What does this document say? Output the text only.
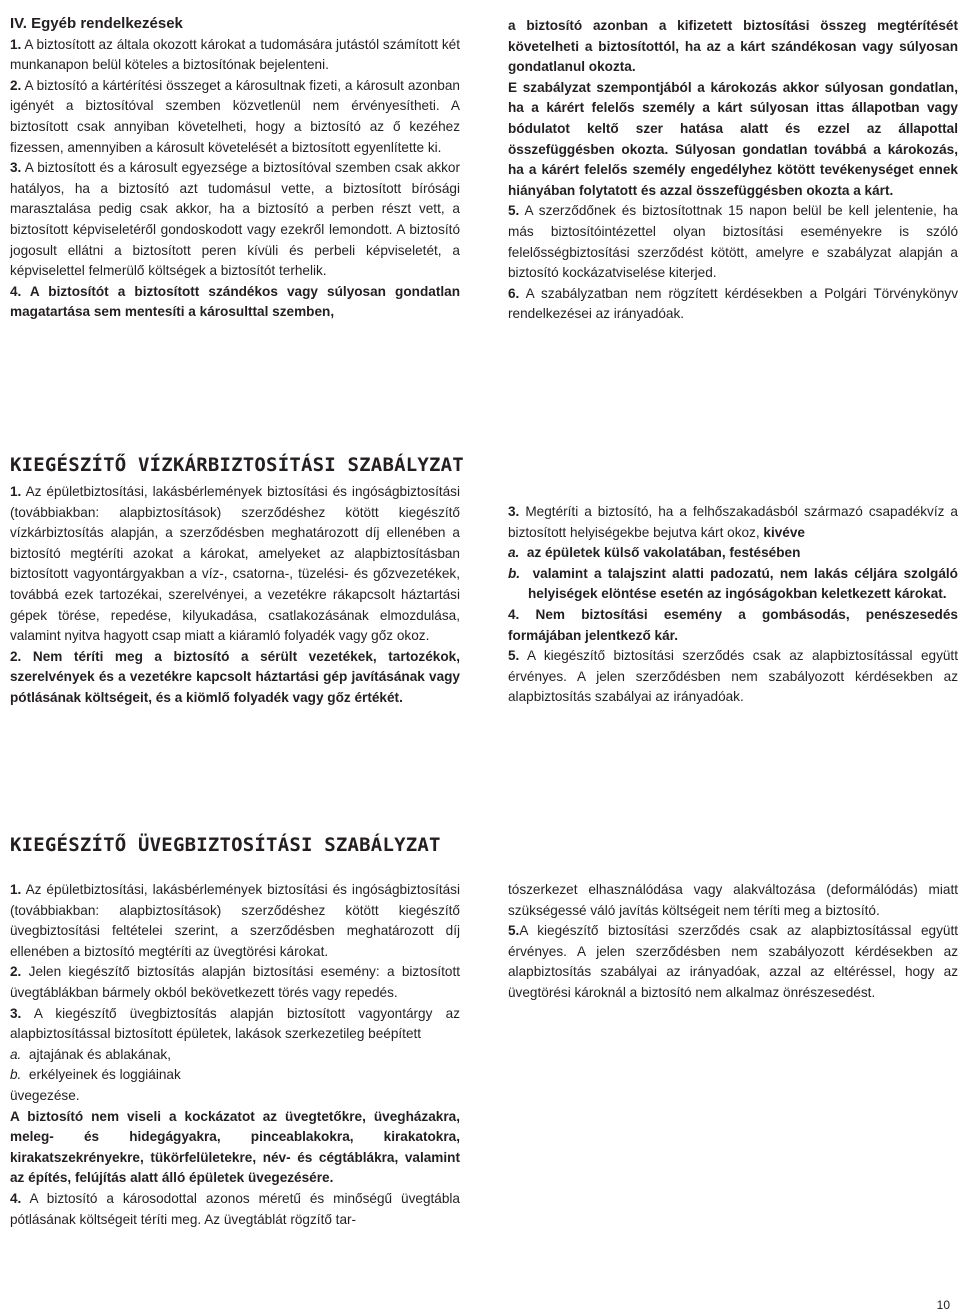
IV. Egyéb rendelkezések

1. A biztosított az általa okozott károkat a tudomására jutástól számított két munkanapon belül köteles a biztosítónak bejelenteni.

2. A biztosító a kártérítési összeget a károsultnak fizeti, a károsult azonban igényét a biztosítóval szemben közvetlenül nem érvényesítheti. A biztosított csak annyiban követelheti, hogy a biztosító az ő kezéhez fizessen, amennyiben a károsult követelését a biztosított egyenlítette ki.

3. A biztosított és a károsult egyezsége a biztosítóval szemben csak akkor hatályos, ha a biztosító azt tudomásul vette, a biztosított bírósági marasztalása pedig csak akkor, ha a biztosító a perben részt vett, a biztosított képviseletéről gondoskodott vagy ezekről lemondott. A biztosító jogosult ellátni a biztosított peren kívüli és perbeli képviseletét, a képviselettel felmerülő költségek a biztosítót terhelik.

4. A biztosítót a biztosított szándékos vagy súlyosan gondatlan magatartása sem mentesíti a károsulttal szemben,

a biztosító azonban a kifizetett biztosítási összeg megtérítését követelheti a biztosítottól, ha az a kárt szándékosan vagy súlyosan gondatlanul okozta.

E szabályzat szempontjából a károkozás akkor súlyosan gondatlan, ha a kárért felelős személy a kárt súlyosan ittas állapotban vagy bódulatot keltő szer hatása alatt és ezzel az állapottal összefüggésben okozta. Súlyosan gondatlan továbbá a károkozás, ha a kárért felelős személy engedélyhez kötött tevékenységet ennek hiányában folytatott és azzal összefüggésben okozta a kárt.

5. A szerződőnek és biztosítottnak 15 napon belül be kell jelentenie, ha más biztosítóintézettel olyan biztosítási eseményekre is szóló felelősségbiztosítási szerződést kötött, amelyre e szabályzat alapján a biztosító kockázatviselése kiterjed.

6. A szabályzatban nem rögzített kérdésekben a Polgári Törvénykönyv rendelkezései az irányadóak.

KIEGÉSZÍTŐ VÍZKÁRBIZTOSÍTÁSI SZABÁLYZAT

1. Az épületbiztosítási, lakásbérlemények biztosítási és ingóságbiztosítási (továbbiakban: alapbiztosítások) szerződéshez kötött kiegészítő vízkárbiztosítás alapján, a szerződésben meghatározott díj ellenében a biztosító megtéríti azokat a károkat, amelyeket az alapbiztosításban biztosított vagyontárgyakban a víz-, csatorna-, tüzelési- és gőzvezetékek, továbbá ezek tartozékai, szerelvényei, a vezetékre rákapcsolt háztartási gépek törése, repedése, kilyukadása, csatlakozásának elmozdulása, valamint nyitva hagyott csap miatt a kiáramló folyadék vagy gőz okoz.

2. Nem téríti meg a biztosító a sérült vezetékek, tartozékok, szerelvények és a vezetékre kapcsolt háztartási gép javításának vagy pótlásának költségeit, és a kiömlő folyadék vagy gőz értékét.

3. Megtéríti a biztosító, ha a felhőszakadásból származó csapadékvíz a biztosított helyiségekbe bejutva kárt okoz, kivéve

a. az épületek külső vakolatában, festésében

b. valamint a talajszint alatti padozatú, nem lakás céljára szolgáló helyiségek elöntése esetén az ingóságokban keletkezett károkat.

4. Nem biztosítási esemény a gombásodás, penészesedés formájában jelentkező kár.

5. A kiegészítő biztosítási szerződés csak az alapbiztosítással együtt érvényes. A jelen szerződésben nem szabályozott kérdésekben az alapbiztosítás szabályai az irányadóak.

KIEGÉSZÍTŐ ÜVEGBIZTOSÍTÁSI SZABÁLYZAT

1. Az épületbiztosítási, lakásbérlemények biztosítási és ingóságbiztosítási (továbbiakban: alapbiztosítások) szerződéshez kötött kiegészítő üvegbiztosítási feltételei szerint, a szerződésben meghatározott díj ellenében a biztosító megtéríti az üvegtörési károkat.

2. Jelen kiegészítő biztosítás alapján biztosítási esemény: a biztosított üvegtáblákban bármely okból bekövetkezett törés vagy repedés.

3. A kiegészítő üvegbiztosítás alapján biztosított vagyontárgy az alapbiztosítással biztosított épületek, lakások szerkezetileg beépített

a. ajtajának és ablakának,

b. erkélyeinek és loggiáinak

üvegezése.

A biztosító nem viseli a kockázatot az üvegtetőkre, üvegházakra, meleg- és hidegágyakra, pinceablakokra, kirakatokra, kirakatszekrényekre, tükörfelületekre, név- és cégtáblákra, valamint az építés, felújítás alatt álló épületek üvegezésére.

4. A biztosító a károsodottal azonos méretű és minőségű üvegtábla pótlásának költségeit téríti meg. Az üvegtáblát rögzítő tar-

tószerkezet elhasználódása vagy alakváltozása (deformálódás) miatt szükségessé váló javítás költségeit nem téríti meg a biztosító.

5.A kiegészítő biztosítási szerződés csak az alapbiztosítással együtt érvényes. A jelen szerződésben nem szabályozott kérdésekben az alapbiztosítás szabályai az irányadóak, azzal az eltéréssel, hogy az üvegtörési károknál a biztosító nem alkalmaz önrészesedést.

10
